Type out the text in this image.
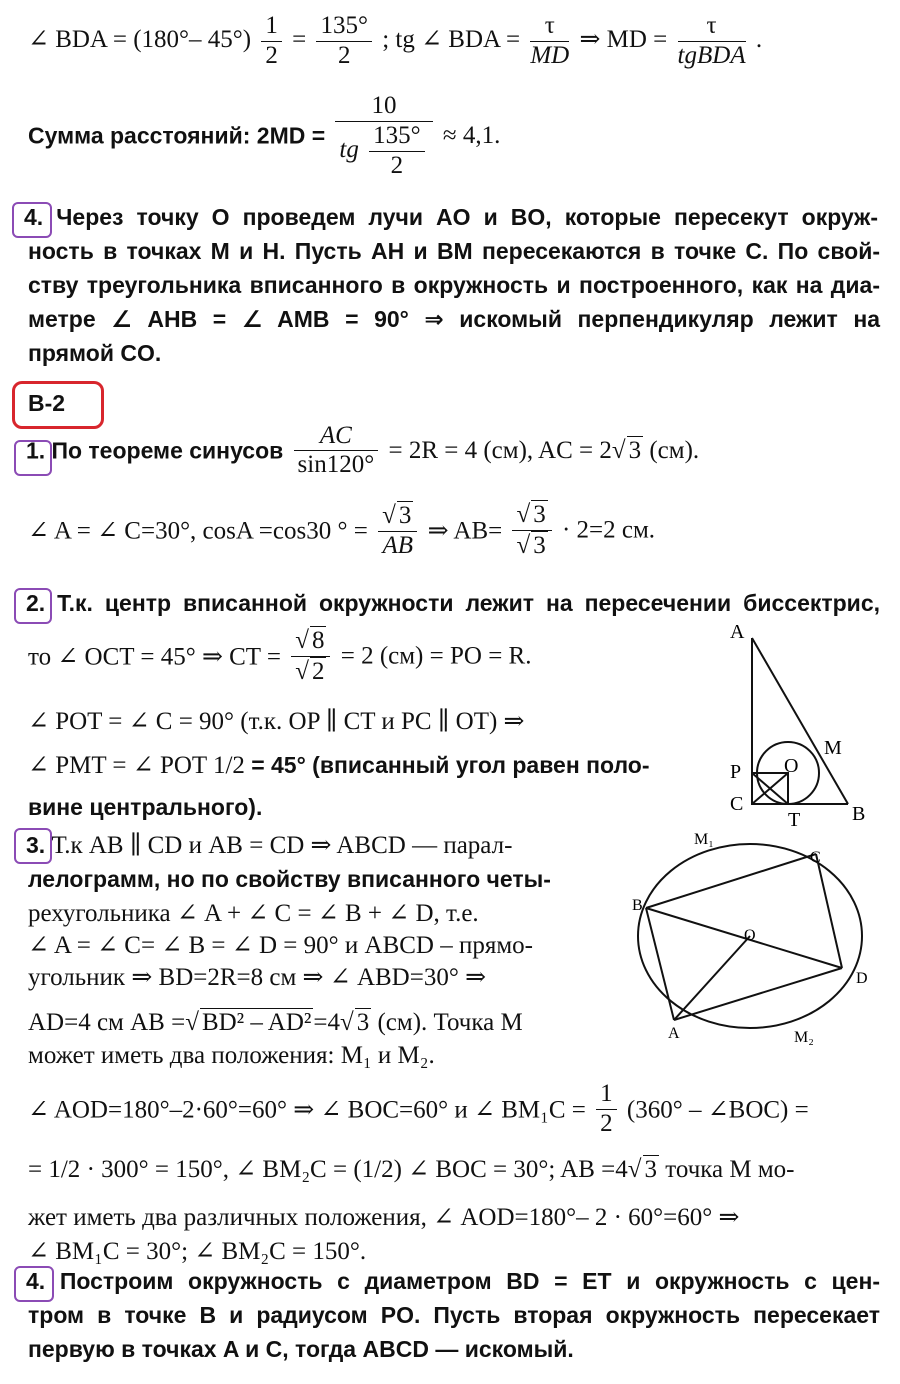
∠ BDA = (180°– $45^\circ) \frac{1}{2} = \frac{135^\circ}{2}$ ; tg ∠ BDA = $\frac{\tau}{MD}$ ⇒ MD = $\frac{\tau}{\text{tgBDA}}$ .
Сумма расстояний: $2MD = \frac{10}{tg \frac{135^\circ}{2}} \approx 4,1$.
4. Через точку O проведем лучи AO и BO, которые пересекут окруж-
ность в точках M и H. Пусть AH и BM пересекаются в точке C. По свой-
ству треугольника вписанного в окружность и построенного, как на диа-
метре ∠ AHB = ∠ AMB = 90° ⇒ искомый перпендикуляр лежит на
прямой CO.
В-2
1. По теореме синусов $\frac{AC}{\sin 120^\circ} = 2R = 4$ (см), AC = 2√ 3 (см).
∠ A = ∠ C=30°, cosA =cos30 ° = $\frac{√ 3}{AB}$ ⇒ $AB= \frac{√ 3}{√ 3} \cdot 2=2$ см.
2. Т.к. центр вписанной окружности лежит на пересечении биссектрис,
то ∠ OCT = 45° ⇒ CT = $\frac{√ 8}{√ 2} = 2$ (см) = PO = R.
∠ POT = ∠ C = 90° (т.к. OP ∥ CT и PC ∥ OT) ⇒
∠ PMT = ∠ POT 1/2 = 45° (вписанный угол равен поло-
вине центрального).
A
M
P O
C
T	B
3. Т.к AB ∥ CD и AB = CD ⇒ ABCD — парал-
лелограмм, но по свойству вписанного четы-
рехугольника ∠ A + ∠ C = ∠ B + ∠ D, т.е.
∠ A = ∠ C= ∠ B = ∠ D = 90° и ABCD – прямо-
угольник ⇒ BD=2R=8 см ⇒ ∠ ABD=30° ⇒
AD=4 см AB =√ BD² – AD²=4√ 3 (см). Точка M
может иметь два положения: M₁ и M₂.
∠ AOD=180°–2·60°=60° ⇒ ∠ BOC=60° и ∠ $BM_1C = \frac{1}{2} (360^\circ$ – ∠BOC) =
= 1/2 · 300° = 150°, ∠ BM₂C = (1/2) ∠ BOC = 30°; AB =4√ 3 точка M мо-
жет иметь два различных положения, ∠ AOD=180°– 2 · 60°=60° ⇒
∠ BM₁C = 30°; ∠ BM₂C = 150°.
M₁
C
B
O
D
A	M₂
4. Построим окружность с диаметром BD = ET и окружность с цен-
тром в точке B и радиусом PO. Пусть вторая окружность пересекает
первую в точках A и C, тогда ABCD — искомый.
